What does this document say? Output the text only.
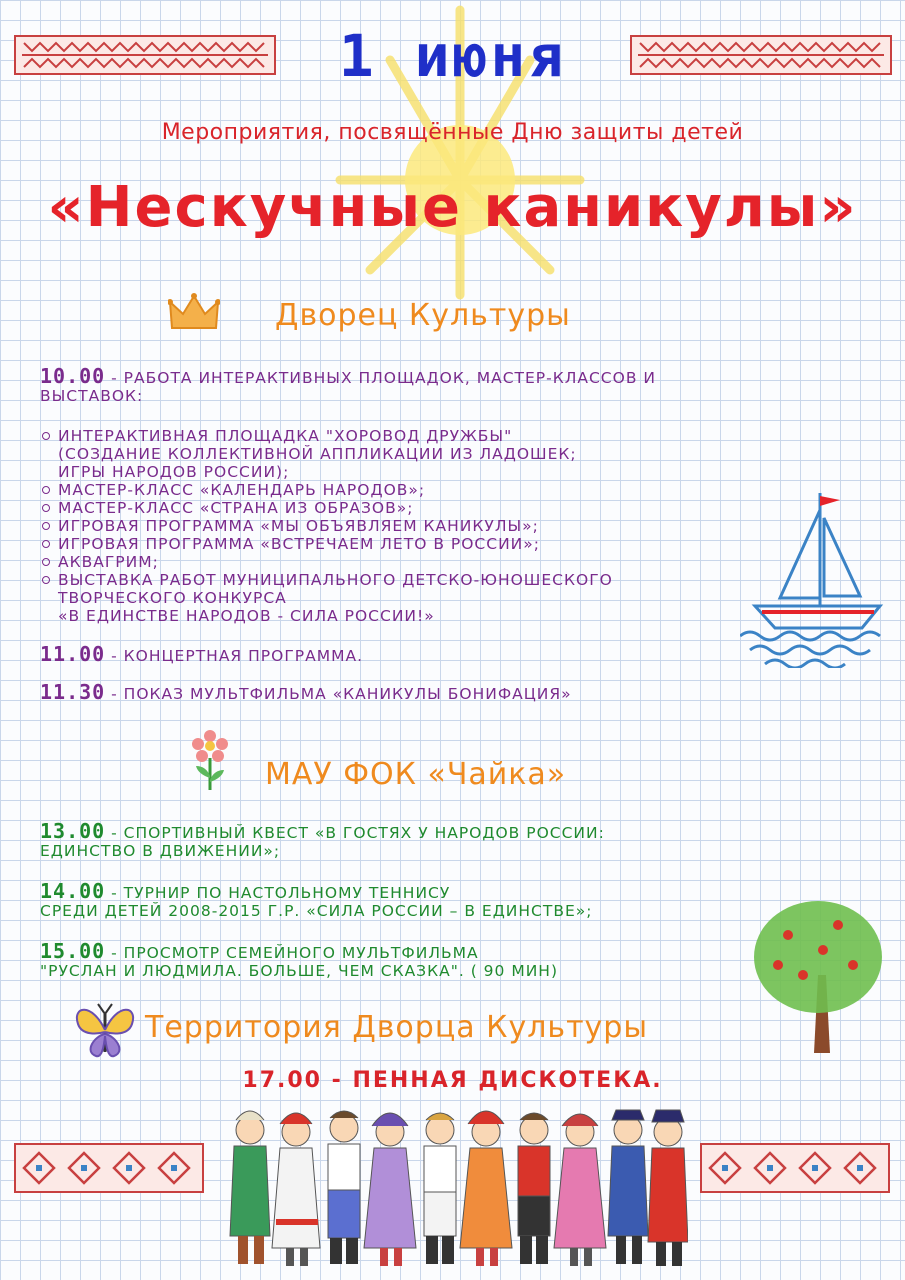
1 июня
Мероприятия, посвящённые Дню защиты детей
«Нескучные каникулы»
Дворец Культуры
10.00 - РАБОТА ИНТЕРАКТИВНЫХ ПЛОЩАДОК, МАСТЕР-КЛАССОВ И
ВЫСТАВОК:
ИНТЕРАКТИВНАЯ ПЛОЩАДКА "ХОРОВОД ДРУЖБЫ"
(СОЗДАНИЕ КОЛЛЕКТИВНОЙ АППЛИКАЦИИ ИЗ ЛАДОШЕК;
ИГРЫ НАРОДОВ РОССИИ);
МАСТЕР-КЛАСС «КАЛЕНДАРЬ НАРОДОВ»;
МАСТЕР-КЛАСС «СТРАНА ИЗ ОБРАЗОВ»;
ИГРОВАЯ ПРОГРАММА «МЫ ОБЪЯВЛЯЕМ КАНИКУЛЫ»;
ИГРОВАЯ ПРОГРАММА «ВСТРЕЧАЕМ ЛЕТО В РОССИИ»;
АКВАГРИМ;
ВЫСТАВКА РАБОТ МУНИЦИПАЛЬНОГО ДЕТСКО-ЮНОШЕСКОГО
ТВОРЧЕСКОГО КОНКУРСА
«В ЕДИНСТВЕ НАРОДОВ - СИЛА РОССИИ!»
11.00 - КОНЦЕРТНАЯ ПРОГРАММА.
11.30 - ПОКАЗ МУЛЬТФИЛЬМА «КАНИКУЛЫ БОНИФАЦИЯ»
МАУ ФОК «Чайка»
13.00 - СПОРТИВНЫЙ КВЕСТ «В ГОСТЯХ У НАРОДОВ РОССИИ:
ЕДИНСТВО В ДВИЖЕНИИ»;
14.00 - ТУРНИР ПО НАСТОЛЬНОМУ ТЕННИСУ
СРЕДИ ДЕТЕЙ 2008-2015 Г.Р. «СИЛА РОССИИ – В ЕДИНСТВЕ»;
15.00 - ПРОСМОТР СЕМЕЙНОГО МУЛЬТФИЛЬМА
"РУСЛАН И ЛЮДМИЛА. БОЛЬШЕ, ЧЕМ СКАЗКА". ( 90 МИН)
Территория Дворца Культуры
17.00 - ПЕННАЯ ДИСКОТЕКА.
